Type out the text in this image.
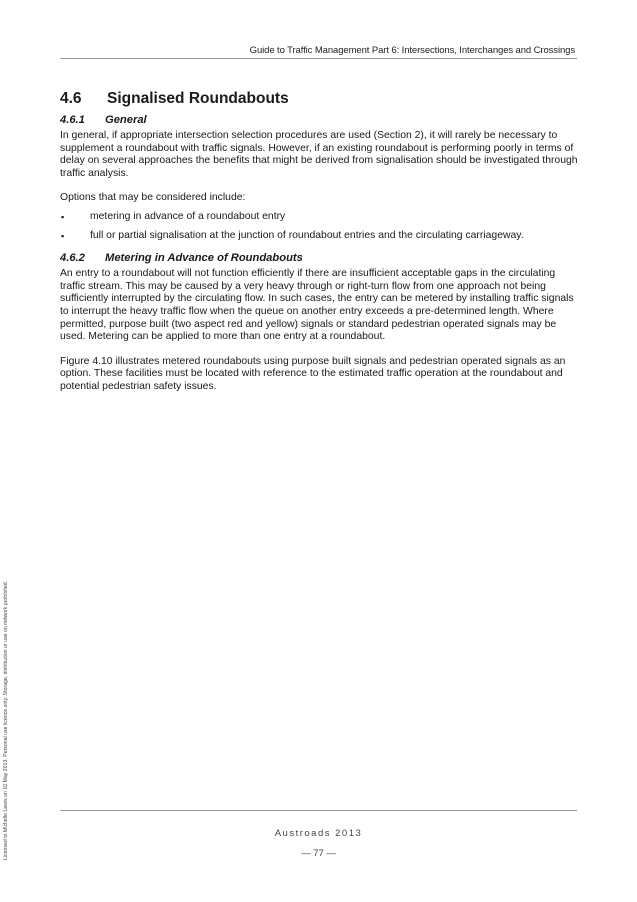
Guide to Traffic Management Part 6: Intersections, Interchanges and Crossings
4.6	Signalised Roundabouts
4.6.1	General

In general, if appropriate intersection selection procedures are used (Section 2), it will rarely be necessary to supplement a roundabout with traffic signals. However, if an existing roundabout is performing poorly in terms of delay on several approaches the benefits that might be derived from signalisation should be investigated through traffic analysis.

Options that may be considered include:

▪ metering in advance of a roundabout entry
▪ full or partial signalisation at the junction of roundabout entries and the circulating carriageway.
4.6.2	Metering in Advance of Roundabouts

An entry to a roundabout will not function efficiently if there are insufficient acceptable gaps in the circulating traffic stream. This may be caused by a very heavy through or right-turn flow from one approach not being sufficiently interrupted by the circulating flow. In such cases, the entry can be metered by installing traffic signals to interrupt the heavy traffic flow when the queue on another entry exceeds a pre-determined length. Where permitted, purpose built (two aspect red and yellow) signals or standard pedestrian operated signals may be used. Metering can be applied to more than one entry at a roundabout.

Figure 4.10 illustrates metered roundabouts using purpose built signals and pedestrian operated signals as an option. These facilities must be located with reference to the estimated traffic operation at the roundabout and potential pedestrian safety issues.

Licensed to Michelle Lewis on 10 May 2013. Personal use licence only. Storage, distribution or use on network prohibited.	Austroads 2013
— 77 —
